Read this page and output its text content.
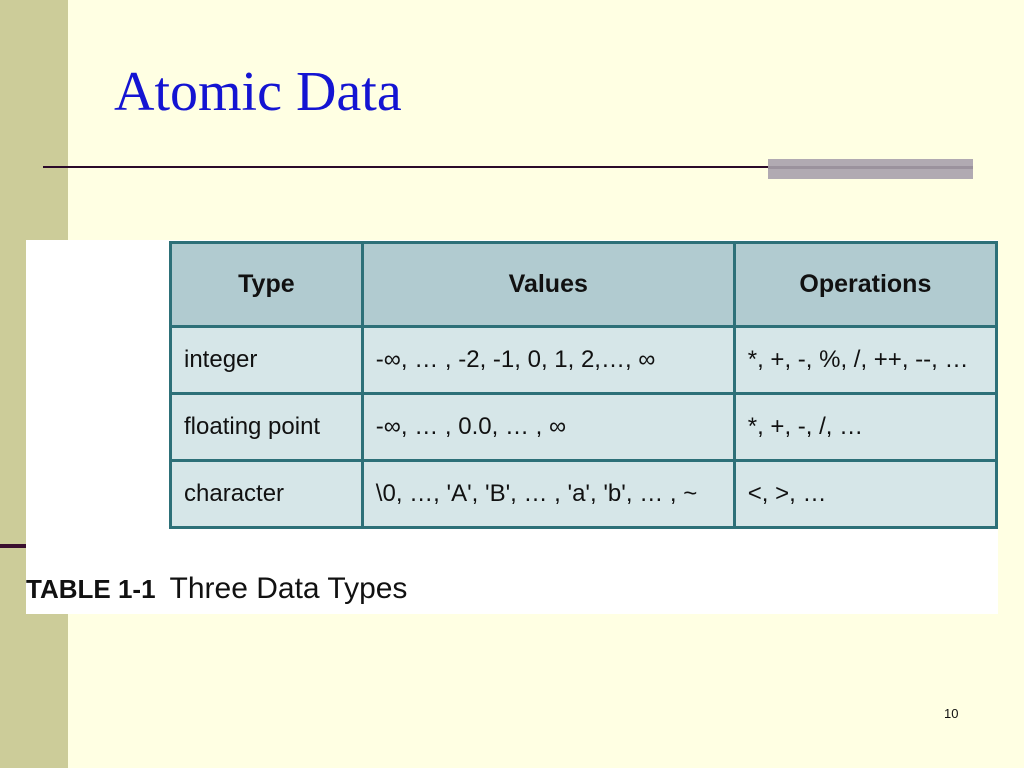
Atomic Data
Type	Values	Operations
integer	-∞, … , -2, -1, 0, 1, 2,…, ∞	*, +, -, %, /, ++, --, …
floating point	-∞, … , 0.0, … , ∞	*, +, -, /, …
character	\0, …, 'A', 'B', … , 'a', 'b', … , ~	<, >, …
TABLE 1-1 Three Data Types
10
